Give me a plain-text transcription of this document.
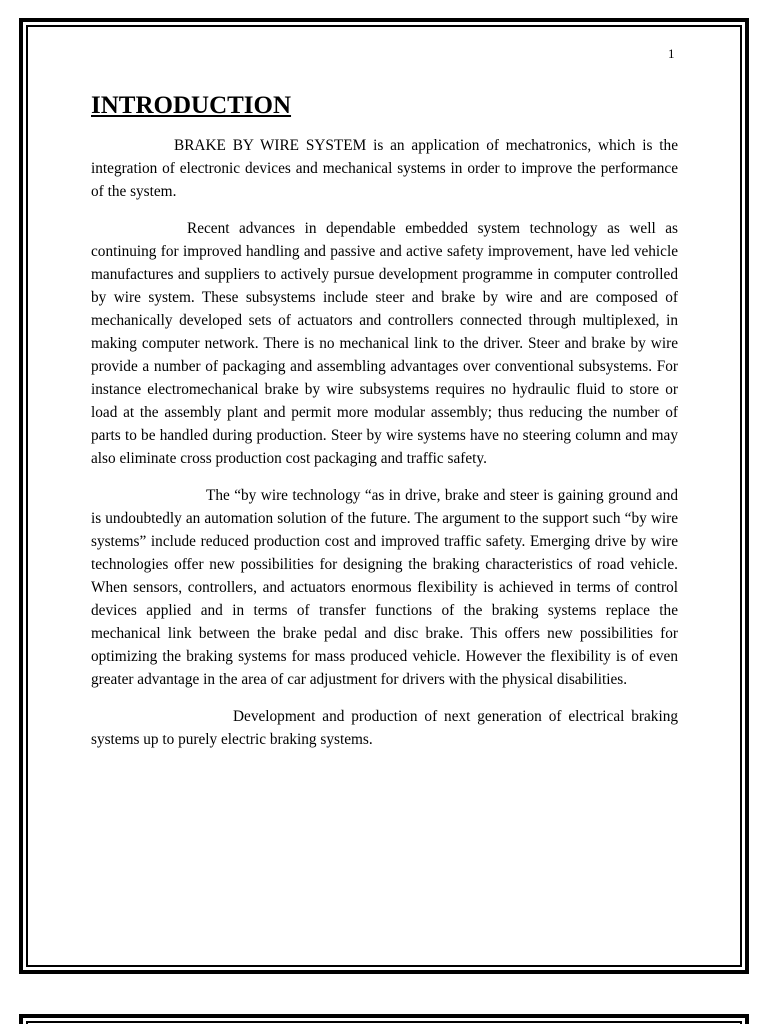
1
INTRODUCTION

BRAKE BY WIRE SYSTEM is an application of mechatronics, which is the integration of electronic devices and mechanical systems in order to improve the performance of the system.

Recent advances in dependable embedded system technology as well as continuing for improved handling and passive and active safety improvement, have led vehicle manufactures and suppliers to actively pursue development programme in computer controlled by wire system. These subsystems include steer and brake by wire and are composed of mechanically developed sets of actuators and controllers connected through multiplexed, in making computer network. There is no mechanical link to the driver. Steer and brake by wire provide a number of packaging and assembling advantages over conventional subsystems. For instance electromechanical brake by wire subsystems requires no hydraulic fluid to store or load at the assembly plant and permit more modular assembly; thus reducing the number of parts to be handled during production. Steer by wire systems have no steering column and may also eliminate cross production cost packaging and traffic safety.

The “by wire technology “as in drive, brake and steer is gaining ground and is undoubtedly an automation solution of the future. The argument to the support such “by wire systems” include reduced production cost and improved traffic safety. Emerging drive by wire technologies offer new possibilities for designing the braking characteristics of road vehicle. When sensors, controllers, and actuators enormous flexibility is achieved in terms of control devices applied and in terms of transfer functions of the braking systems replace the mechanical link between the brake pedal and disc brake. This offers new possibilities for optimizing the braking systems for mass produced vehicle. However the flexibility is of even greater advantage in the area of car adjustment for drivers with the physical disabilities.

Development and production of next generation of electrical braking systems up to purely electric braking systems.
